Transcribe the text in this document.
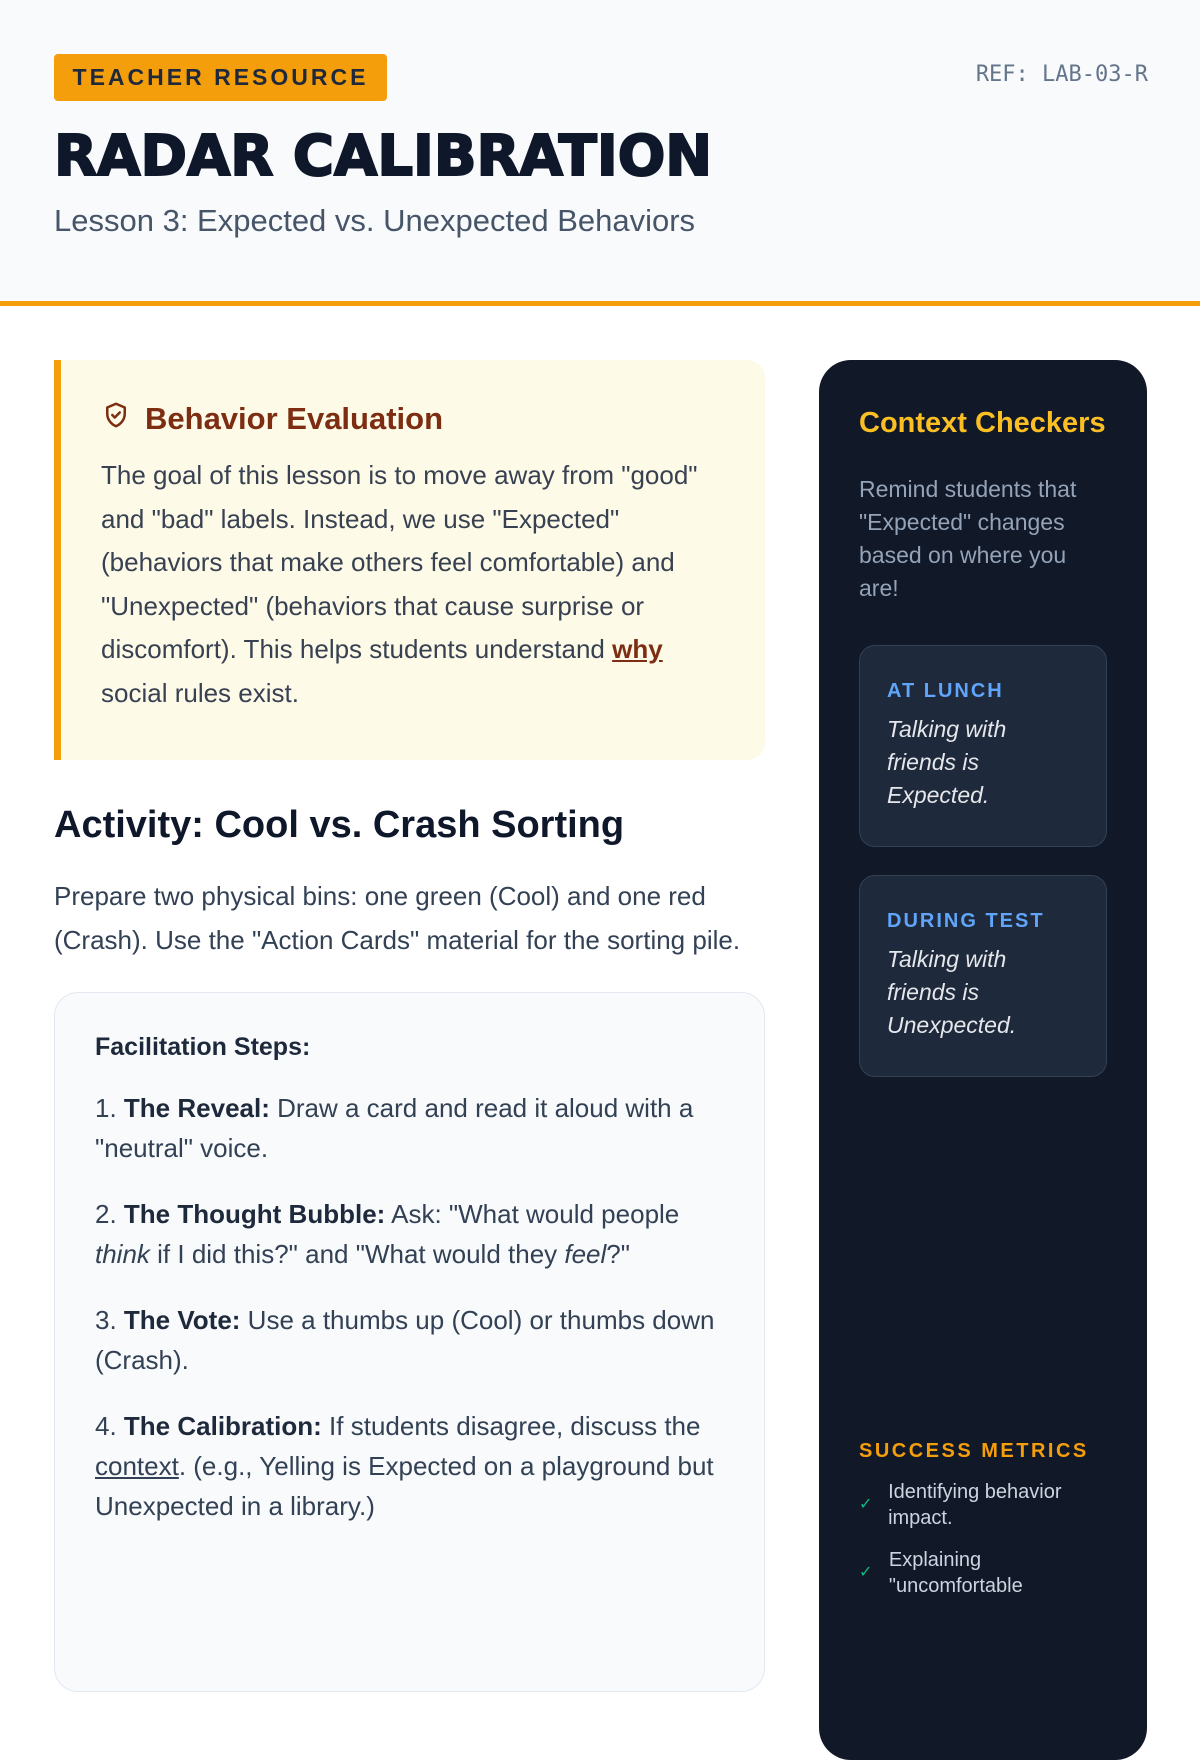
TEACHER RESOURCE	REF: LAB-03-R
RADAR CALIBRATION
Lesson 3: Expected vs. Unexpected Behaviors
Behavior Evaluation

The goal of this lesson is to move away from "good" and "bad" labels. Instead, we use "Expected" (behaviors that make others feel comfortable) and "Unexpected" (behaviors that cause surprise or discomfort). This helps students understand why social rules exist.

Activity: Cool vs. Crash Sorting

Prepare two physical bins: one green (Cool) and one red (Crash). Use the "Action Cards" material for the sorting pile.

Facilitation Steps:

1. The Reveal: Draw a card and read it aloud with a "neutral" voice.

2. The Thought Bubble: Ask: "What would people think if I did this?" and "What would they feel?"

3. The Vote: Use a thumbs up (Cool) or thumbs down (Crash).

4. The Calibration: If students disagree, discuss the context. (e.g., Yelling is Expected on a playground but Unexpected in a library.)

Context Checkers

Remind students that "Expected" changes based on where you are!

AT LUNCH
Talking with friends is Expected.
DURING TEST
Talking with friends is Unexpected.
SUCCESS METRICS
✓
Identifying behavior impact.
✓
Explaining "uncomfortable
